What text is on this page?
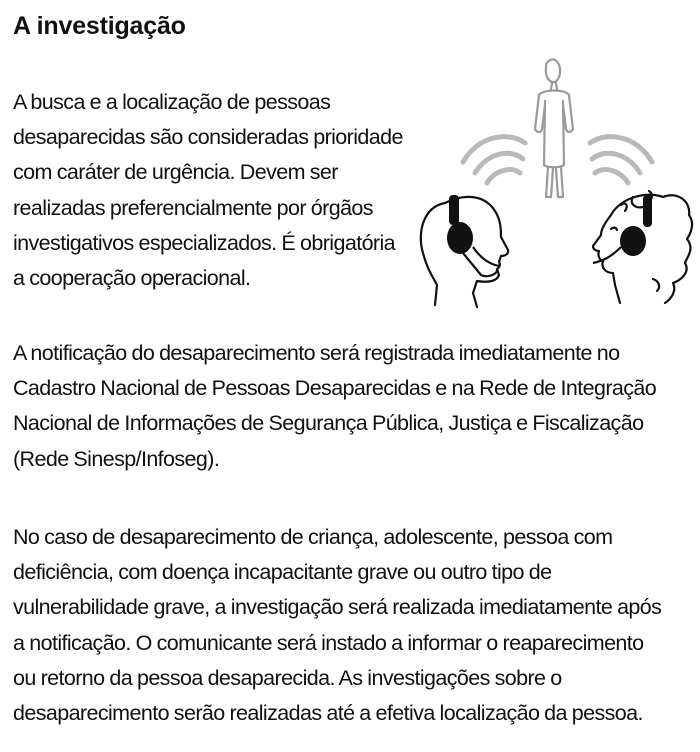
A investigação

A busca e a localização de pessoas
desaparecidas são consideradas prioridade
com caráter de urgência. Devem ser
realizadas preferencialmente por órgãos
investigativos especializados. É obrigatória
a cooperação operacional.

A notificação do desaparecimento será registrada imediatamente no
Cadastro Nacional de Pessoas Desaparecidas e na Rede de Integração
Nacional de Informações de Segurança Pública, Justiça e Fiscalização
(Rede Sinesp/Infoseg).

No caso de desaparecimento de criança, adolescente, pessoa com
deficiência, com doença incapacitante grave ou outro tipo de
vulnerabilidade grave, a investigação será realizada imediatamente após
a notificação. O comunicante será instado a informar o reaparecimento
ou retorno da pessoa desaparecida. As investigações sobre o
desaparecimento serão realizadas até a efetiva localização da pessoa.
